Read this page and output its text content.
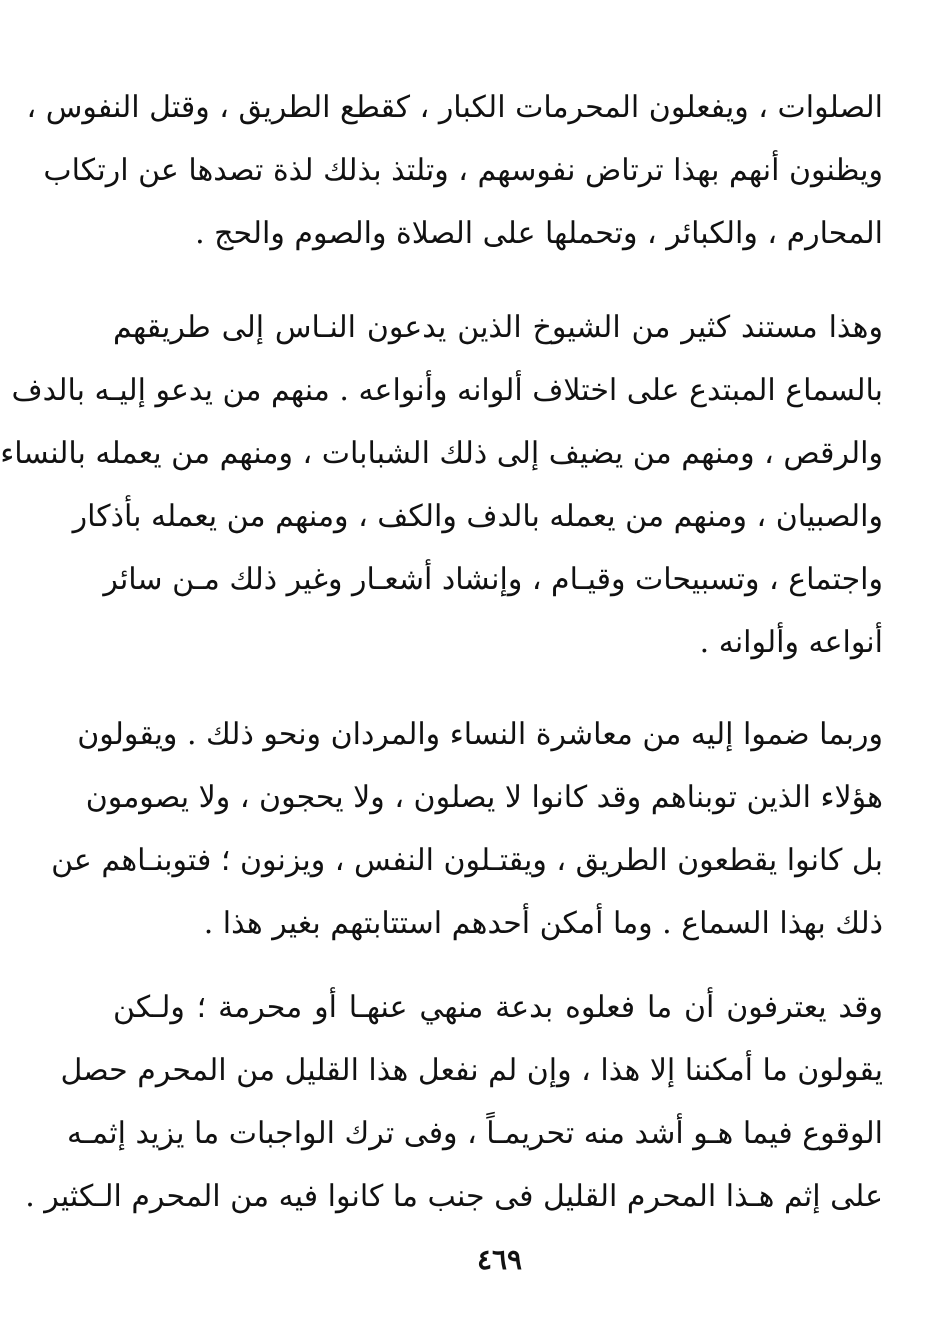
الصلوات ، ويفعلون المحرمات الكبار ، كقطع الطريق ، وقتل النفوس ،
ويظنون أنهم بهذا ترتاض نفوسهم ، وتلتذ بذلك لذة تصدها عن ارتكاب
المحارم ، والكبائر ، وتحملها على الصلاة والصوم والحج .
وهذا مستند كثير من الشيوخ الذين يدعون النـاس إلى طريقهم
بالسماع المبتدع على اختلاف ألوانه وأنواعه . منهم من يدعو إليـه بالدف
والرقص ، ومنهم من يضيف إلى ذلك الشبابات ، ومنهم من يعمله بالنساء
والصبيان ، ومنهم من يعمله بالدف والكف ، ومنهم من يعمله بأذكار
واجتماع ، وتسبيحات وقيـام ، وإنشاد أشعـار وغير ذلك مـن سائر
أنواعه وألوانه .
وربما ضموا إليه من معاشرة النساء والمردان ونحو ذلك . ويقولون
هؤلاء الذين توبناهم وقد كانوا لا يصلون ، ولا يحجون ، ولا يصومون
بل كانوا يقطعون الطريق ، ويقتـلون النفس ، ويزنون ؛ فتوبنـاهم عن
ذلك بهذا السماع . وما أمكن أحدهم استتابتهم بغير هذا .
وقد يعترفون أن ما فعلوه بدعة منهي عنهـا أو محرمة ؛ ولـكن
يقولون ما أمكننا إلا هذا ، وإن لم نفعل هذا القليل من المحرم حصل
الوقوع فيما هـو أشد منه تحريمـاً ، وفى ترك الواجبات ما يزيد إثمـه
على إثم هـذا المحرم القليل فى جنب ما كانوا فيه من المحرم الـكثير .
٤٦٩
